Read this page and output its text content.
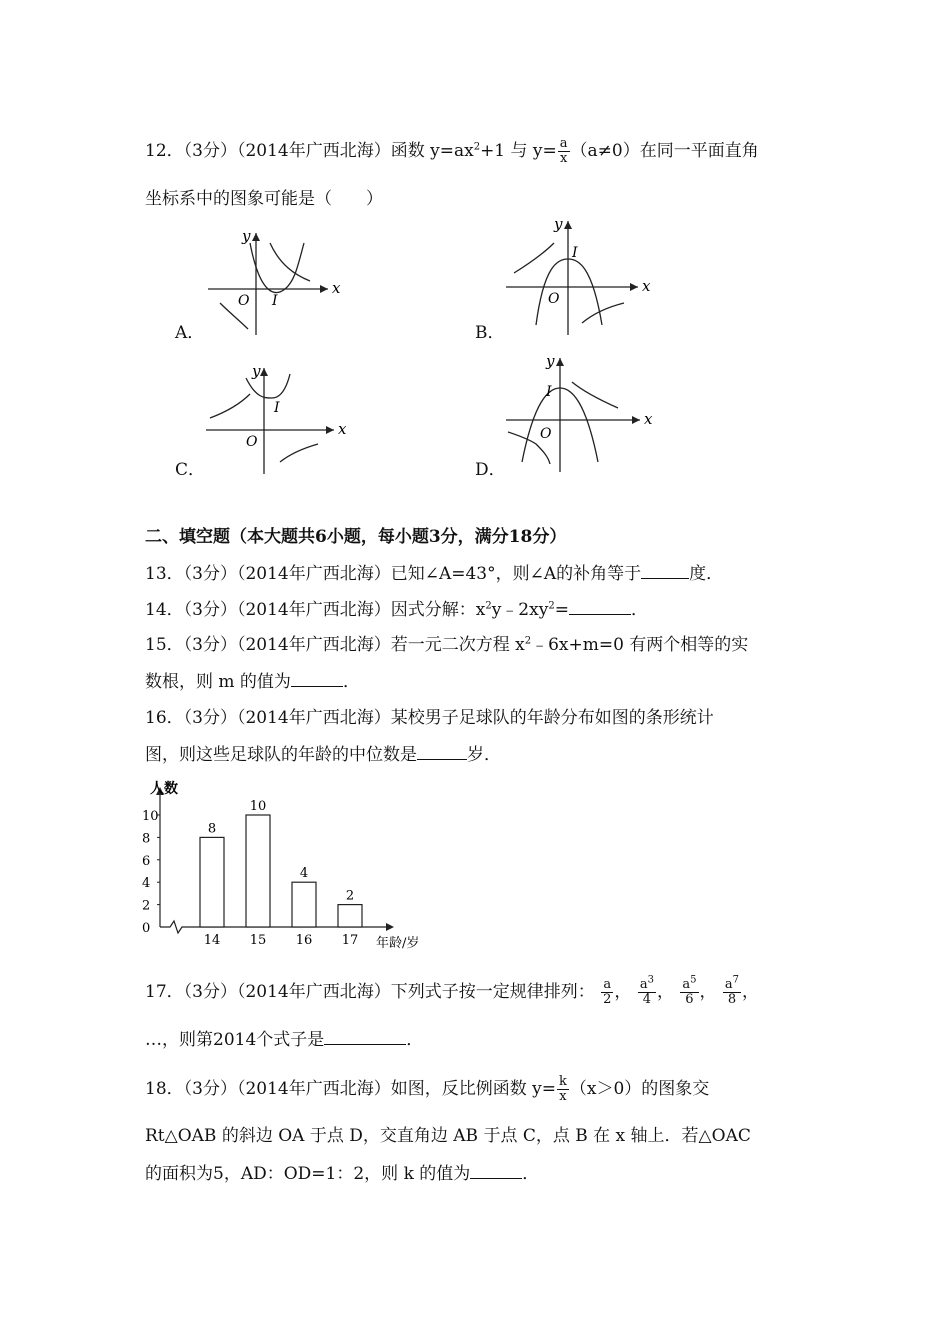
12．（3分）（2014年广西北海）函数 $y=ax^2+1$ 与 $y= \frac{a}{x} (a\ne 0)$在同一平面直角
坐标系中的图象可能是（　　）
A．
x
y
O I
B．
x
y
O
I
C．
x
y
O
I
D．
x
y
O
I
二、填空题（本大题共6小题，每小题3分，满分18分）
13．（3分）（2014年广西北海）已知∠A=43°，则∠A的补角等于	度．
14．（3分）（2014年广西北海）因式分解：$x^2y﹣2xy^2=$	．
15．（3分）（2014年广西北海）若一元二次方程 $x^2﹣6x+m=0$ 有两个相等的实
数根，则 m 的值为	．
16．（3分）（2014年广西北海）某校男子足球队的年龄分布如图的条形统计
图，则这些足球队的年龄的中位数是	岁．
人数
年龄/岁
0
2
4
6
8
10
8
14
10
15
4
16
2
17
17．（3分）（2014年广西北海）下列式子按一定规律排列： $\frac{a}{2}$ ， $\frac{a^3}{4}$ ， $\frac{a^5}{6}$ ， $\frac{a^7}{8}$ ，
…，则第2014个式子是	．
18．（3分）（2014年广西北海）如图，反比例函数 $y= \frac{k}{x} (x>0)$的图象交
Rt△OAB 的斜边 OA 于点 D，交直角边 AB 于点 C，点 B 在 x 轴上．若△OAC
的面积为5，AD：OD=1：2，则 k 的值为	．
